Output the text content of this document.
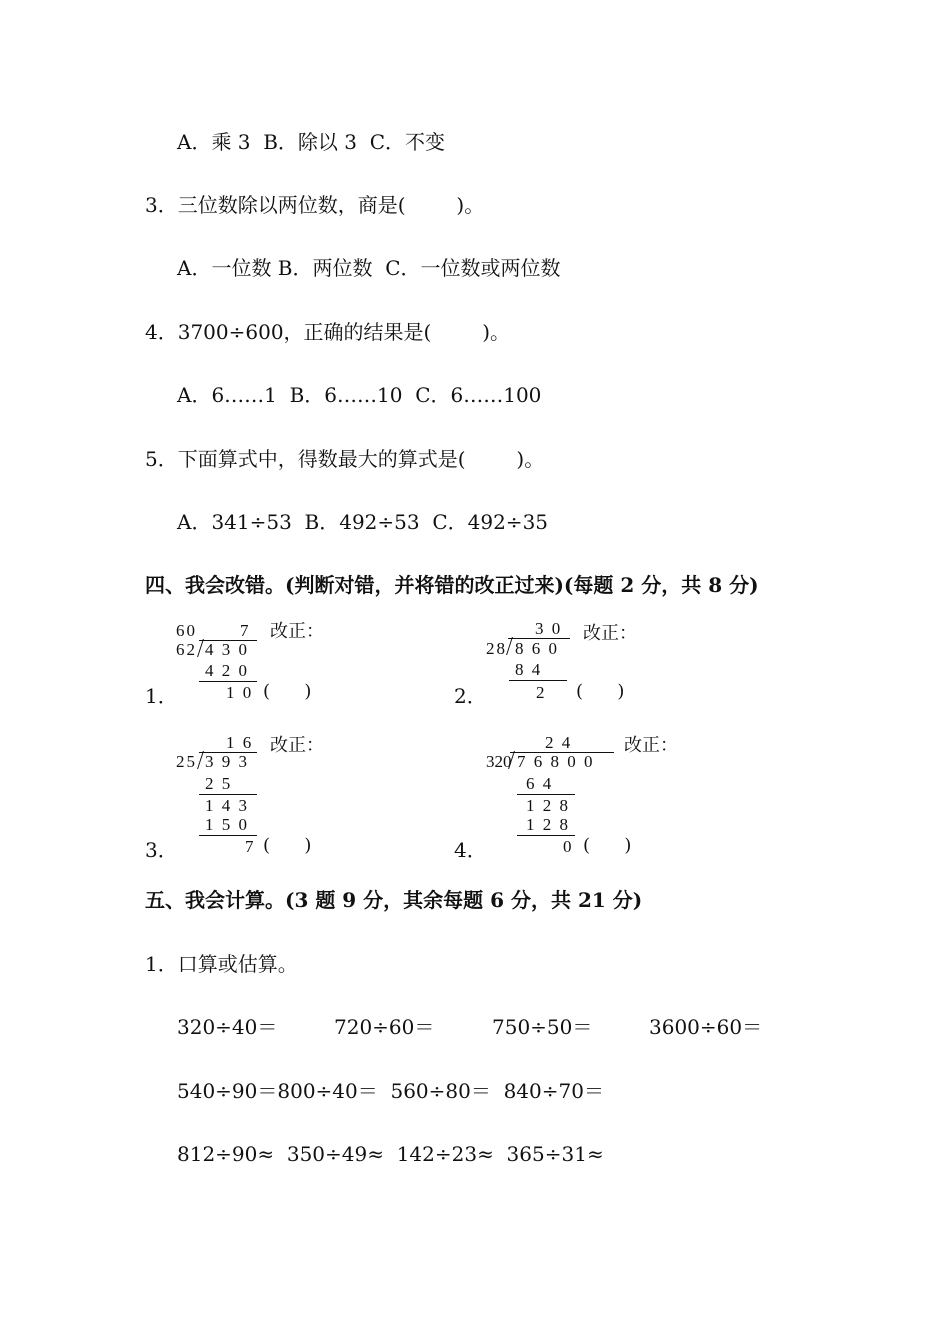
A．乘 3  B．除以 3  C．不变
3．三位数除以两位数，商是(        )。
A．一位数 B．两位数  C．一位数或两位数
4．3700÷600，正确的结果是(        )。
A．6……1  B．6……10  C．6……100
5．下面算式中，得数最大的算式是(        )。
A．341÷53  B．492÷53  C．492÷35
四、我会改错。(判断对错，并将错的改正过来)(每题 2 分，共 8 分)
60	7
62 4 3 0
4 2 0
1 0 (      )
改正：
1．
3 0
28 8 6 0
8 4
2 (      )
改正：
2．
1 6
25 3 9 3
2 5
1 4 3
1 5 0
7 (      )
改正：
3．
2 4
320 7 6 8 0 0
6 4
1 2 8
1 2 8
0 (      )
改正：
4．
五、我会计算。(3 题 9 分，其余每题 6 分，共 21 分)
1．口算或估算。
320÷40＝	720÷60＝	750÷50＝	3600÷60＝
540÷90＝800÷40＝  560÷80＝  840÷70＝
812÷90≈  350÷49≈  142÷23≈  365÷31≈
